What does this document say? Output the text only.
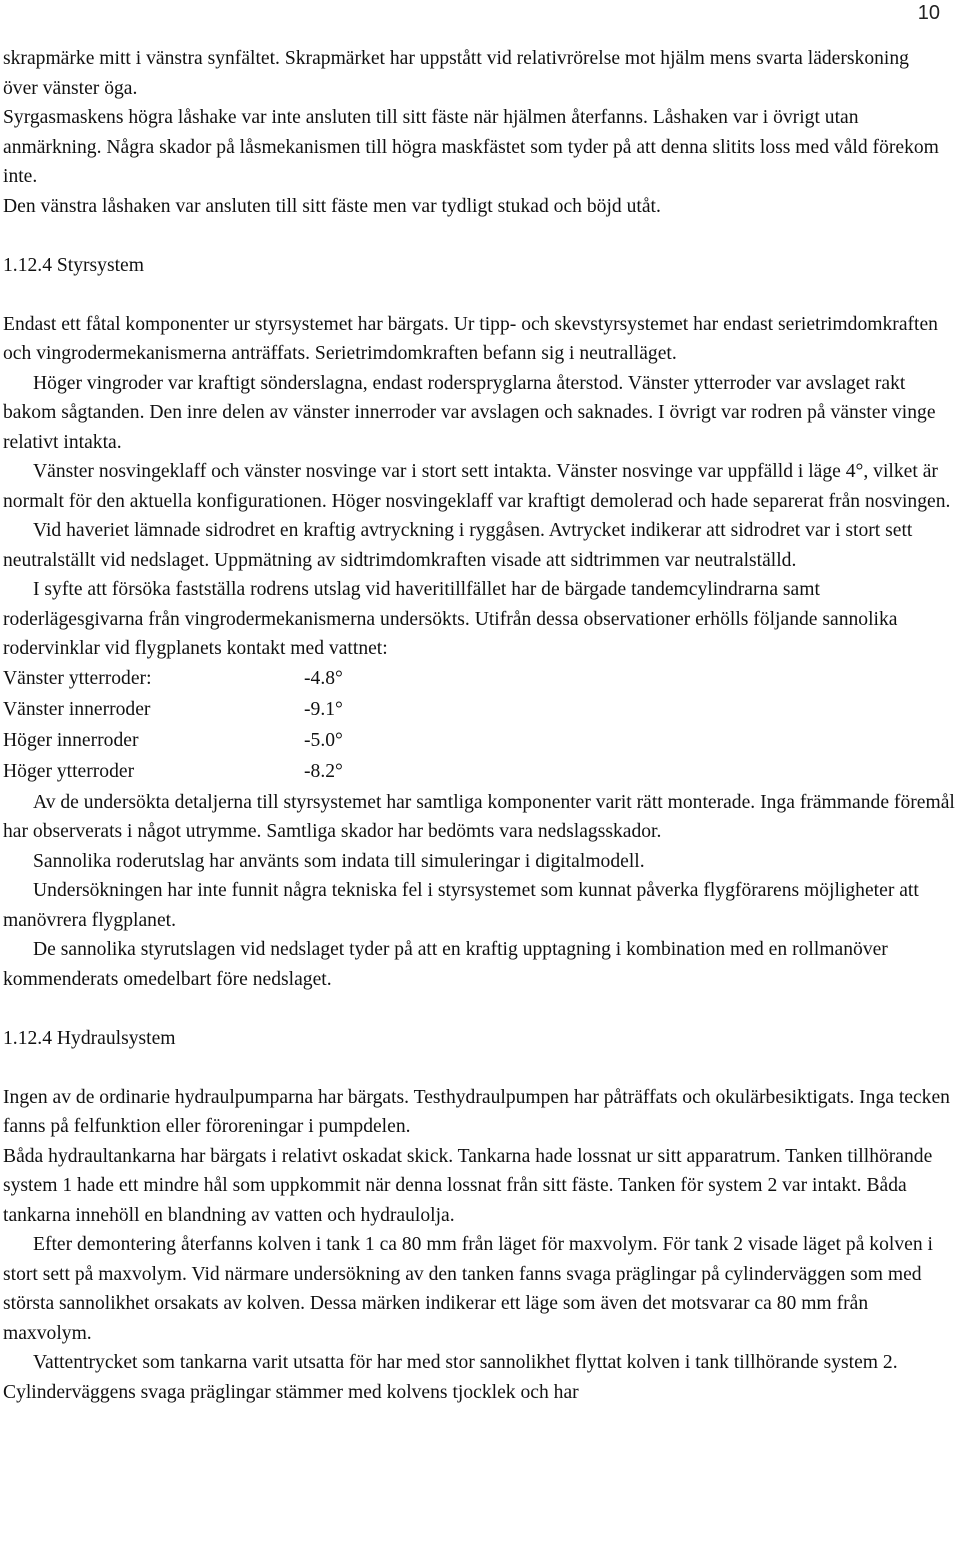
10

skrapmärke mitt i vänstra synfältet. Skrapmärket har uppstått vid relativrörelse mot hjälm mens svarta läderskoning över vänster öga.

Syrgasmaskens högra låshake var inte ansluten till sitt fäste när hjälmen återfanns. Låshaken var i övrigt utan anmärkning. Några skador på låsmekanismen till högra maskfästet som tyder på att denna slitits loss med våld förekom inte.

Den vänstra låshaken var ansluten till sitt fäste men var tydligt stukad och böjd utåt.

1.12.4 Styrsystem

Endast ett fåtal komponenter ur styrsystemet har bärgats. Ur tipp- och skevstyrsystemet har endast serietrimdomkraften och vingrodermekanismerna anträffats. Serietrimdomkraften befann sig i neutralläget.

Höger vingroder var kraftigt sönderslagna, endast roderspryglarna återstod. Vänster ytterroder var avslaget rakt bakom sågtanden. Den inre delen av vänster innerroder var avslagen och saknades. I övrigt var rodren på vänster vinge relativt intakta.

Vänster nosvingeklaff och vänster nosvinge var i stort sett intakta. Vänster nosvinge var uppfälld i läge 4°, vilket är normalt för den aktuella konfigurationen. Höger nosvingeklaff var kraftigt demolerad och hade separerat från nosvingen.

Vid haveriet lämnade sidrodret en kraftig avtryckning i ryggåsen. Avtrycket indikerar att sidrodret var i stort sett neutralställt vid nedslaget. Uppmätning av sidtrimdomkraften visade att sidtrimmen var neutralställd.

I syfte att försöka fastställa rodrens utslag vid haveritillfället har de bärgade tandemcylindrarna samt roderlägesgivarna från vingrodermekanismerna undersökts. Utifrån dessa observationer erhölls följande sannolika rodervinklar vid flygplanets kontakt med vattnet:

Vänster ytterroder:	-4.8°
Vänster innerroder	-9.1°
Höger innerroder	-5.0°
Höger ytterroder	-8.2°

Av de undersökta detaljerna till styrsystemet har samtliga komponenter varit rätt monterade. Inga främmande föremål har observerats i något utrymme. Samtliga skador har bedömts vara nedslagsskador.

Sannolika roderutslag har använts som indata till simuleringar i digitalmodell.

Undersökningen har inte funnit några tekniska fel i styrsystemet som kunnat påverka flygförarens möjligheter att manövrera flygplanet.

De sannolika styrutslagen vid nedslaget tyder på att en kraftig upptagning i kombination med en rollmanöver kommenderats omedelbart före nedslaget.

1.12.4 Hydraulsystem

Ingen av de ordinarie hydraulpumparna har bärgats. Testhydraulpumpen har påträffats och okulärbesiktigats. Inga tecken fanns på felfunktion eller föroreningar i pumpdelen.

Båda hydraultankarna har bärgats i relativt oskadat skick. Tankarna hade lossnat ur sitt apparatrum. Tanken tillhörande system 1 hade ett mindre hål som uppkommit när denna lossnat från sitt fäste. Tanken för system 2 var intakt. Båda tankarna innehöll en blandning av vatten och hydraulolja.

Efter demontering återfanns kolven i tank 1 ca 80 mm från läget för maxvolym. För tank 2 visade läget på kolven i stort sett på maxvolym. Vid närmare undersökning av den tanken fanns svaga präglingar på cylinderväggen som med största sannolikhet orsakats av kolven. Dessa märken indikerar ett läge som även det motsvarar ca 80 mm från maxvolym.

Vattentrycket som tankarna varit utsatta för har med stor sannolikhet flyttat kolven i tank tillhörande system 2. Cylinderväggens svaga präglingar stämmer med kolvens tjocklek och har
